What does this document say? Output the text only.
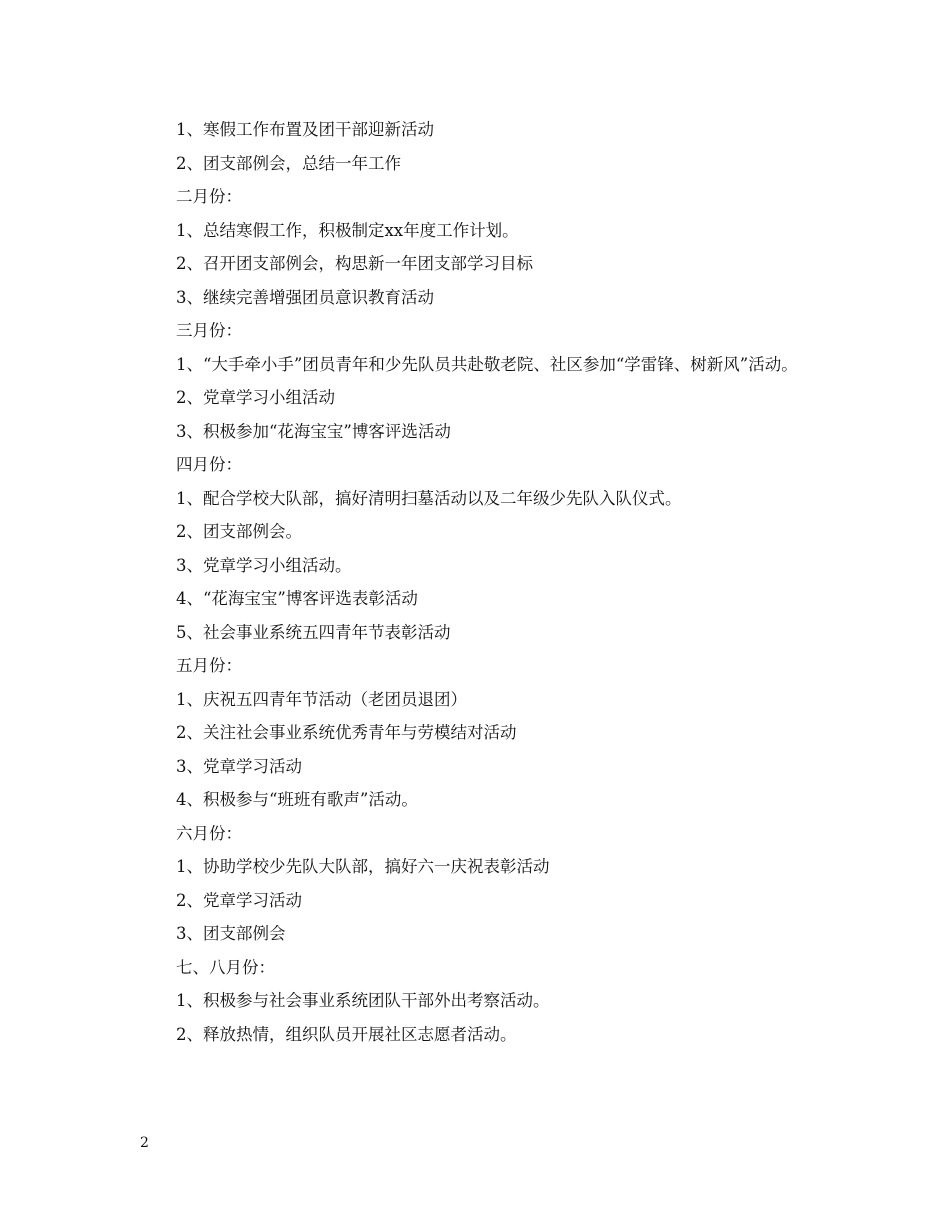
1、寒假工作布置及团干部迎新活动
2、团支部例会，总结一年工作
二月份：
1、总结寒假工作，积极制定xx年度工作计划。
2、召开团支部例会，构思新一年团支部学习目标
3、继续完善增强团员意识教育活动
三月份：
1、“大手牵小手”团员青年和少先队员共赴敬老院、社区参加“学雷锋、树新风”活动。
2、党章学习小组活动
3、积极参加“花海宝宝”博客评选活动
四月份：
1、配合学校大队部，搞好清明扫墓活动以及二年级少先队入队仪式。
2、团支部例会。
3、党章学习小组活动。
4、“花海宝宝”博客评选表彰活动
5、社会事业系统五四青年节表彰活动
五月份：
1、庆祝五四青年节活动（老团员退团）
2、关注社会事业系统优秀青年与劳模结对活动
3、党章学习活动
4、积极参与“班班有歌声”活动。
六月份：
1、协助学校少先队大队部，搞好六一庆祝表彰活动
2、党章学习活动
3、团支部例会
七、八月份：
1、积极参与社会事业系统团队干部外出考察活动。
2、释放热情，组织队员开展社区志愿者活动。
2
